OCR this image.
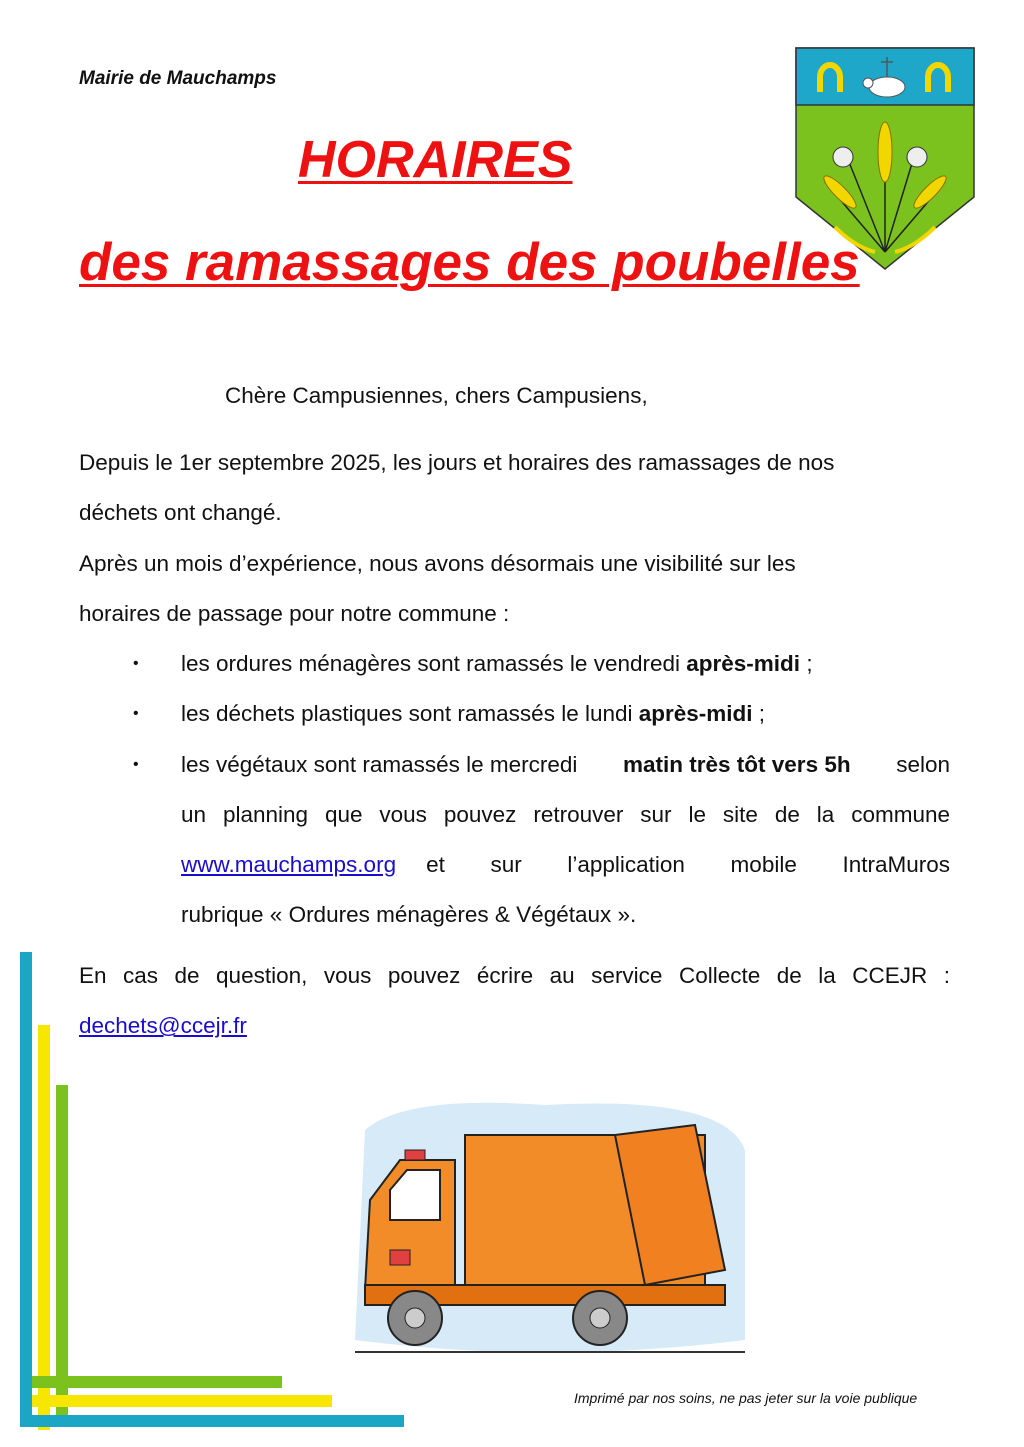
Mairie de Mauchamps
HORAIRES
des ramassages des poubelles
Chère Campusiennes, chers Campusiens,
Depuis le 1er septembre 2025, les jours et horaires des ramassages de nos
déchets ont changé.
Après un mois d’expérience, nous avons désormais une visibilité sur les
horaires de passage pour notre commune :
• les ordures ménagères sont ramassés le vendredi après-midi ;
• les déchets plastiques sont ramassés le lundi après-midi ;
• les végétaux sont ramassés le mercredi matin très tôt vers 5h selon
un planning que vous pouvez retrouver sur le site de la commune
www.mauchamps.org et sur l’application mobile IntraMuros
rubrique « Ordures ménagères & Végétaux ».
En cas de question, vous pouvez écrire au service Collecte de la CCEJR :
dechets@ccejr.fr
Imprimé par nos soins, ne pas jeter sur la voie publique
